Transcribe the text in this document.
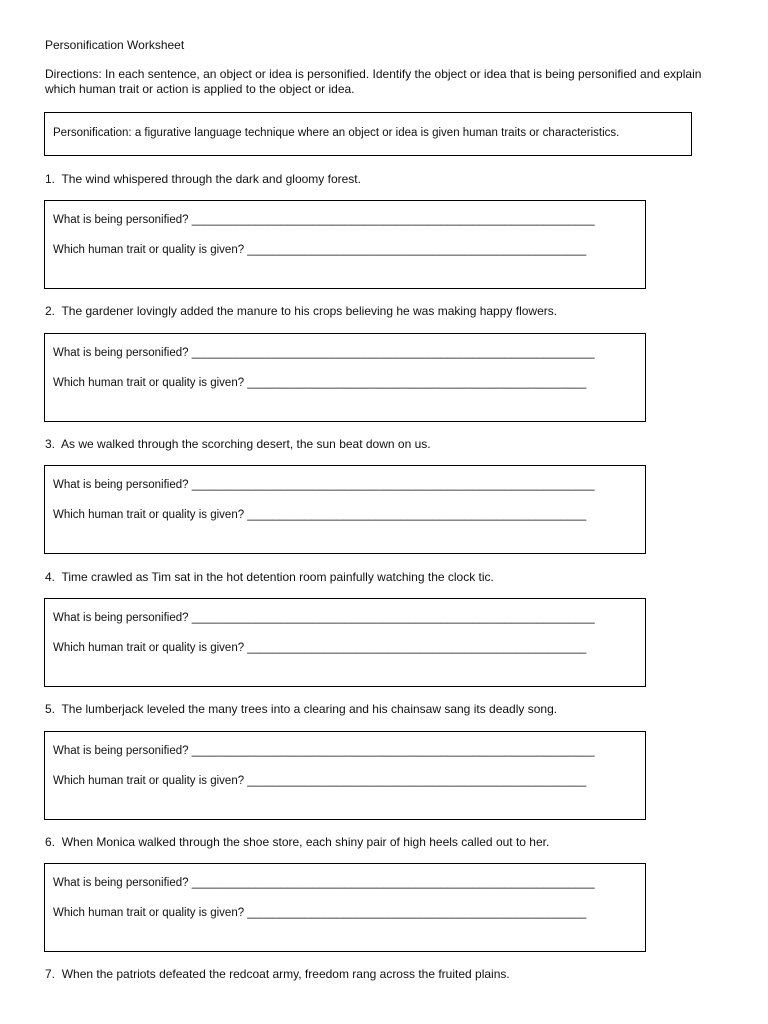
Personification Worksheet
Directions: In each sentence, an object or idea is personified. Identify the object or idea that is being personified and explain which human trait or action is applied to the object or idea.
Personification: a figurative language technique where an object or idea is given human traits or characteristics.
1. The wind whispered through the dark and gloomy forest.
What is being personified? _______________________________________________________________
Which human trait or quality is given? _____________________________________________________
2. The gardener lovingly added the manure to his crops believing he was making happy flowers.
What is being personified? _______________________________________________________________
Which human trait or quality is given? _____________________________________________________
3. As we walked through the scorching desert, the sun beat down on us.
What is being personified? _______________________________________________________________
Which human trait or quality is given? _____________________________________________________
4. Time crawled as Tim sat in the hot detention room painfully watching the clock tic.
What is being personified? _______________________________________________________________
Which human trait or quality is given? _____________________________________________________
5. The lumberjack leveled the many trees into a clearing and his chainsaw sang its deadly song.
What is being personified? _______________________________________________________________
Which human trait or quality is given? _____________________________________________________
6. When Monica walked through the shoe store, each shiny pair of high heels called out to her.
What is being personified? _______________________________________________________________
Which human trait or quality is given? _____________________________________________________
7. When the patriots defeated the redcoat army, freedom rang across the fruited plains.
